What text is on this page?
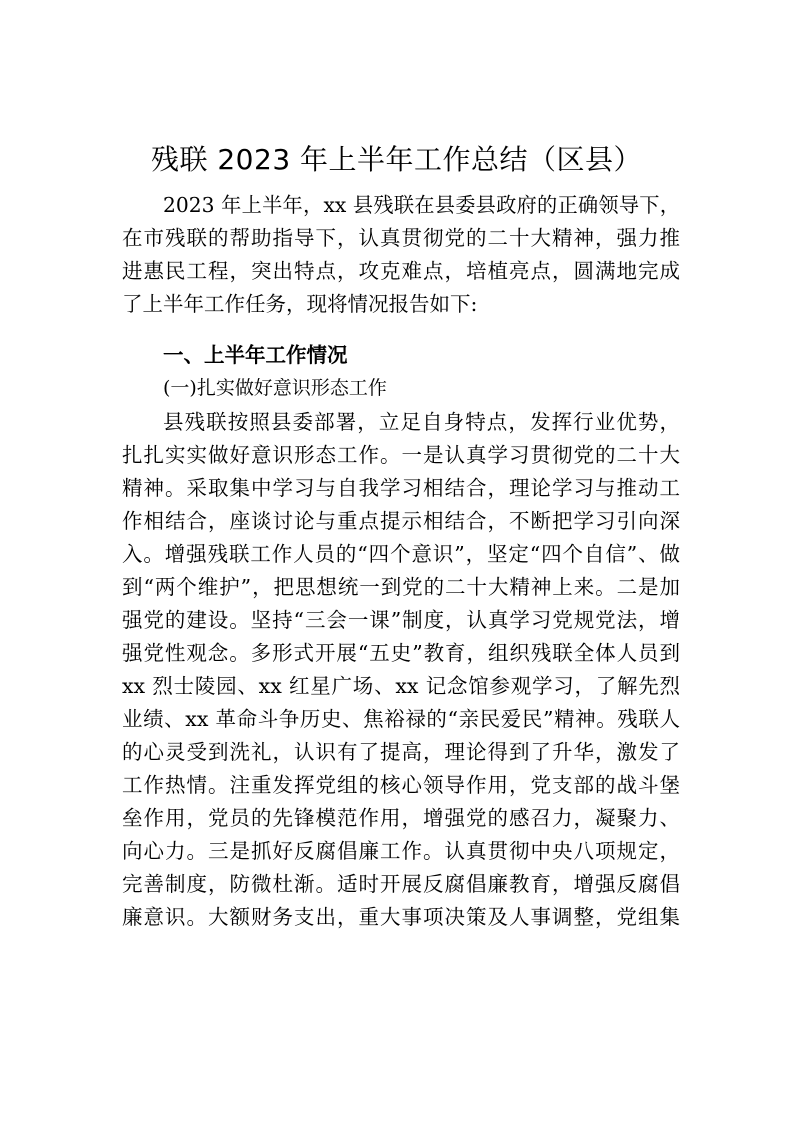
残联 2023 年上半年工作总结（区县）
2023 年上半年，xx 县残联在县委县政府的正确领导下，
在市残联的帮助指导下，认真贯彻党的二十大精神，强力推
进惠民工程，突出特点，攻克难点，培植亮点，圆满地完成
了上半年工作任务，现将情况报告如下:
一、上半年工作情况
(一)扎实做好意识形态工作
县残联按照县委部署，立足自身特点，发挥行业优势，
扎扎实实做好意识形态工作。一是认真学习贯彻党的二十大
精神。采取集中学习与自我学习相结合，理论学习与推动工
作相结合，座谈讨论与重点提示相结合，不断把学习引向深
入。增强残联工作人员的“四个意识”，坚定“四个自信”、做
到“两个维护”，把思想统一到党的二十大精神上来。二是加
强党的建设。坚持“三会一课”制度，认真学习党规党法，增
强党性观念。多形式开展“五史”教育，组织残联全体人员到
xx 烈士陵园、xx 红星广场、xx 记念馆参观学习，了解先烈
业绩、xx 革命斗争历史、焦裕禄的“亲民爱民”精神。残联人
的心灵受到洗礼，认识有了提高，理论得到了升华，激发了
工作热情。注重发挥党组的核心领导作用，党支部的战斗堡
垒作用，党员的先锋模范作用，增强党的感召力，凝聚力、
向心力。三是抓好反腐倡廉工作。认真贯彻中央八项规定，
完善制度，防微杜渐。适时开展反腐倡廉教育，增强反腐倡
廉意识。大额财务支出，重大事项决策及人事调整，党组集
